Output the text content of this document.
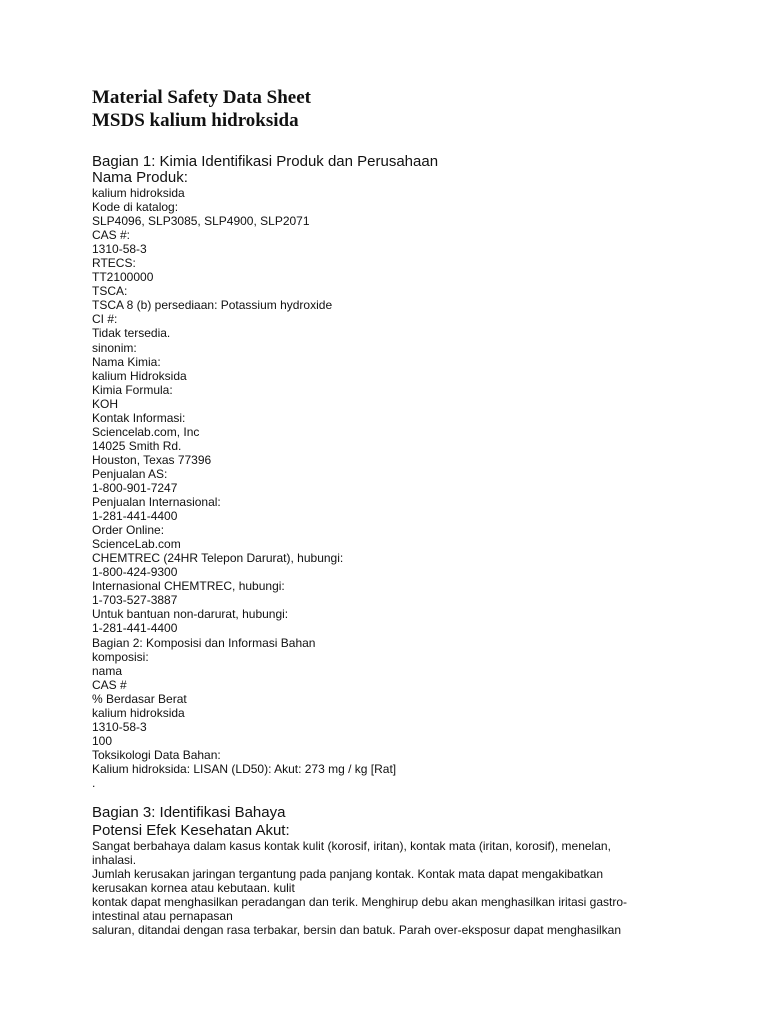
Material Safety Data Sheet

MSDS kalium hidroksida

Bagian 1: Kimia Identifikasi Produk dan Perusahaan

Nama Produk:

kalium hidroksida

Kode di katalog:

SLP4096, SLP3085, SLP4900, SLP2071

CAS #:

1310-58-3

RTECS:

TT2100000

TSCA:

TSCA 8 (b) persediaan: Potassium hydroxide

CI #:

Tidak tersedia.

sinonim:

Nama Kimia:

kalium Hidroksida

Kimia Formula:

KOH

Kontak Informasi:

Sciencelab.com, Inc

14025 Smith Rd.

Houston, Texas 77396

Penjualan AS:

1-800-901-7247

Penjualan Internasional:

1-281-441-4400

Order Online:

ScienceLab.com

CHEMTREC (24HR Telepon Darurat), hubungi:

1-800-424-9300

Internasional CHEMTREC, hubungi:

1-703-527-3887

Untuk bantuan non-darurat, hubungi:

1-281-441-4400

Bagian 2: Komposisi dan Informasi Bahan

komposisi:

nama

CAS #

% Berdasar Berat

kalium hidroksida

1310-58-3

100

Toksikologi Data Bahan:

Kalium hidroksida: LISAN (LD50): Akut: 273 mg / kg [Rat]

.

Bagian 3: Identifikasi Bahaya

Potensi Efek Kesehatan Akut:

Sangat berbahaya dalam kasus kontak kulit (korosif, iritan), kontak mata (iritan, korosif), menelan,

inhalasi.

Jumlah kerusakan jaringan tergantung pada panjang kontak. Kontak mata dapat mengakibatkan

kerusakan kornea atau kebutaan. kulit

kontak dapat menghasilkan peradangan dan terik. Menghirup debu akan menghasilkan iritasi gastro-

intestinal atau pernapasan

saluran, ditandai dengan rasa terbakar, bersin dan batuk. Parah over-eksposur dapat menghasilkan
